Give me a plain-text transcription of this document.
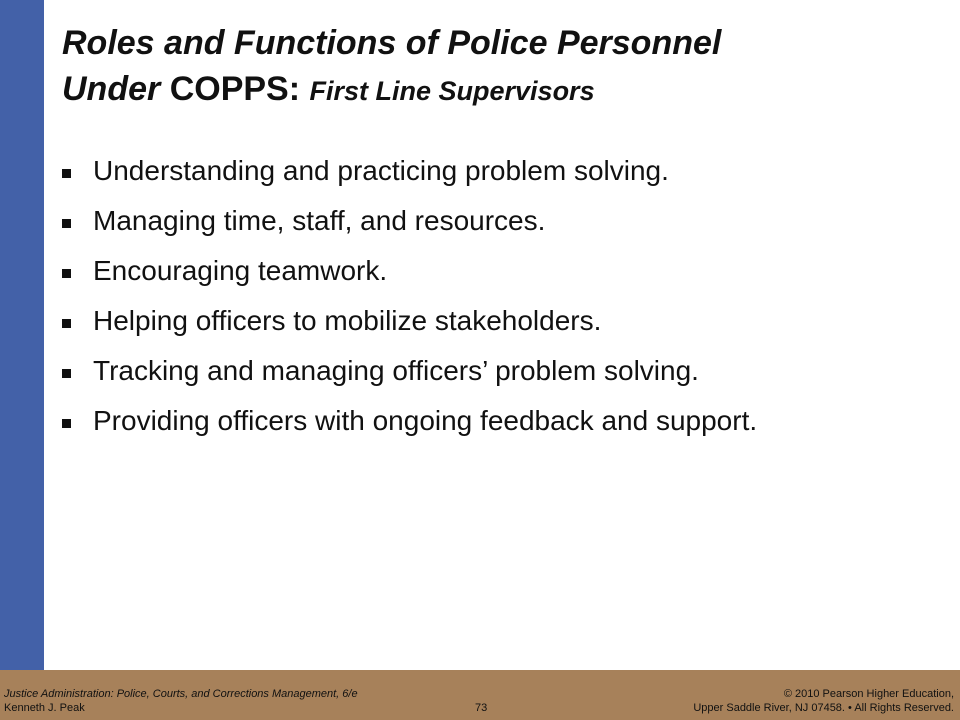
Roles and Functions of Police Personnel
Under COPPS: First Line Supervisors
Understanding and practicing problem solving.
Managing time, staff, and resources.
Encouraging teamwork.
Helping officers to mobilize stakeholders.
Tracking and managing officers’ problem solving.
Providing officers with ongoing feedback and support.
Justice Administration: Police, Courts, and Corrections Management, 6/e
Kenneth J. Peak	73
© 2010 Pearson Higher Education,
Upper Saddle River, NJ 07458. • All Rights Reserved.
